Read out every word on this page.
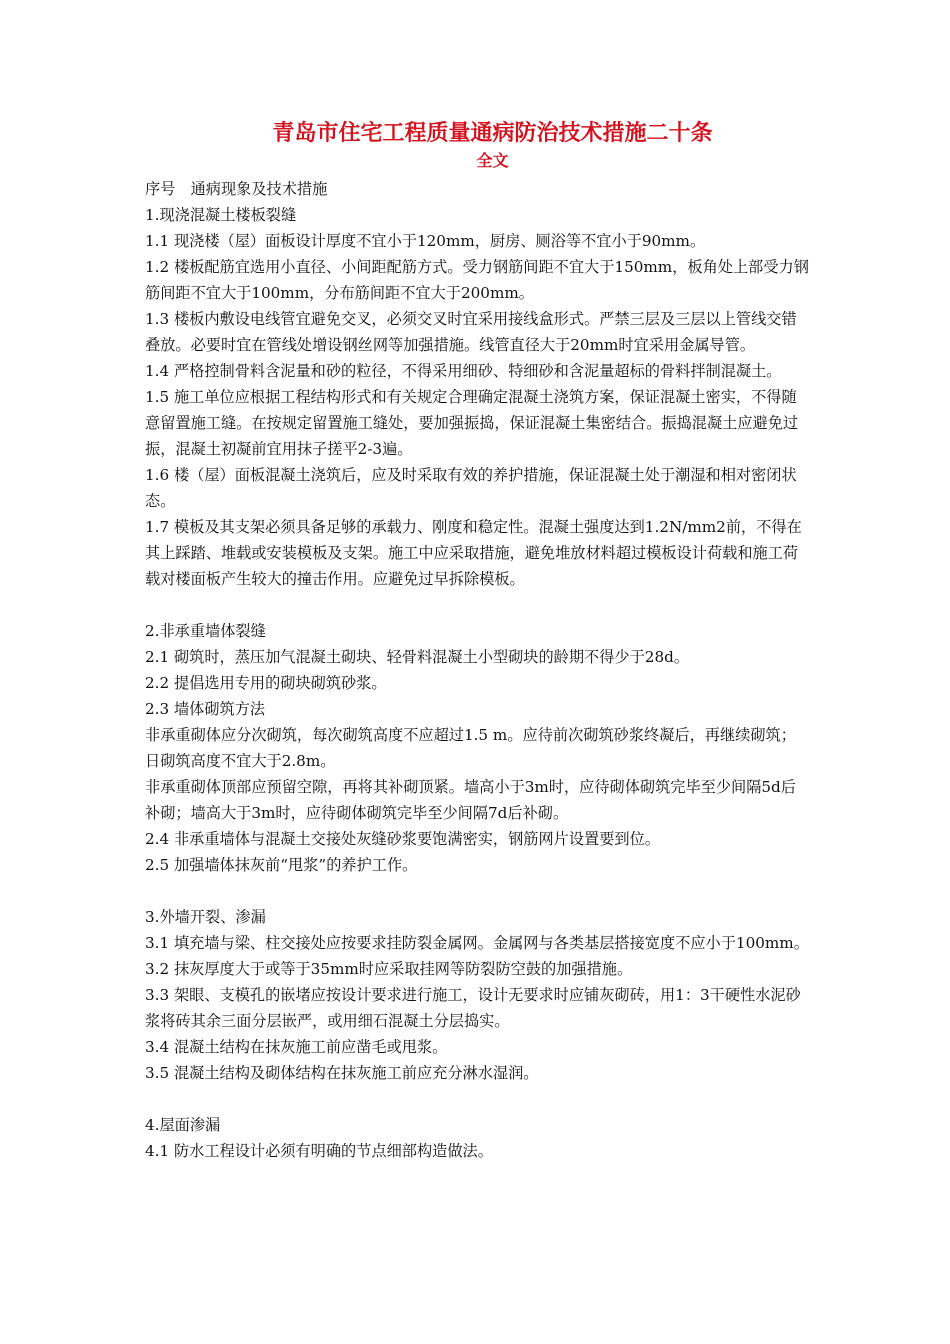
青岛市住宅工程质量通病防治技术措施二十条
全文

序号　通病现象及技术措施

1.现浇混凝土楼板裂缝

1.1 现浇楼（屋）面板设计厚度不宜小于120mm，厨房、厕浴等不宜小于90mm。

1.2 楼板配筋宜选用小直径、小间距配筋方式。受力钢筋间距不宜大于150mm，板角处上部受力钢筋间距不宜大于100mm，分布筋间距不宜大于200mm。

1.3 楼板内敷设电线管宜避免交叉，必须交叉时宜采用接线盒形式。严禁三层及三层以上管线交错叠放。必要时宜在管线处增设钢丝网等加强措施。线管直径大于20mm时宜采用金属导管。

1.4 严格控制骨料含泥量和砂的粒径，不得采用细砂、特细砂和含泥量超标的骨料拌制混凝土。

1.5 施工单位应根据工程结构形式和有关规定合理确定混凝土浇筑方案，保证混凝土密实，不得随意留置施工缝。在按规定留置施工缝处，要加强振捣，保证混凝土集密结合。振捣混凝土应避免过振，混凝土初凝前宜用抹子搓平2-3遍。

1.6 楼（屋）面板混凝土浇筑后，应及时采取有效的养护措施，保证混凝土处于潮湿和相对密闭状态。

1.7 模板及其支架必须具备足够的承载力、刚度和稳定性。混凝土强度达到1.2N/mm2前，不得在其上踩踏、堆载或安装模板及支架。施工中应采取措施，避免堆放材料超过模板设计荷载和施工荷载对楼面板产生较大的撞击作用。应避免过早拆除模板。

2.非承重墙体裂缝

2.1 砌筑时，蒸压加气混凝土砌块、轻骨料混凝土小型砌块的龄期不得少于28d。

2.2 提倡选用专用的砌块砌筑砂浆。

2.3 墙体砌筑方法

非承重砌体应分次砌筑，每次砌筑高度不应超过1.5 m。应待前次砌筑砂浆终凝后，再继续砌筑；日砌筑高度不宜大于2.8m。

非承重砌体顶部应预留空隙，再将其补砌顶紧。墙高小于3m时，应待砌体砌筑完毕至少间隔5d后补砌；墙高大于3m时，应待砌体砌筑完毕至少间隔7d后补砌。

2.4 非承重墙体与混凝土交接处灰缝砂浆要饱满密实，钢筋网片设置要到位。

2.5 加强墙体抹灰前“甩浆”的养护工作。

3.外墙开裂、渗漏

3.1 填充墙与梁、柱交接处应按要求挂防裂金属网。金属网与各类基层搭接宽度不应小于100mm。

3.2 抹灰厚度大于或等于35mm时应采取挂网等防裂防空鼓的加强措施。

3.3 架眼、支模孔的嵌堵应按设计要求进行施工，设计无要求时应铺灰砌砖，用1：3干硬性水泥砂浆将砖其余三面分层嵌严，或用细石混凝土分层捣实。

3.4 混凝土结构在抹灰施工前应凿毛或甩浆。

3.5 混凝土结构及砌体结构在抹灰施工前应充分淋水湿润。

4.屋面渗漏

4.1 防水工程设计必须有明确的节点细部构造做法。
